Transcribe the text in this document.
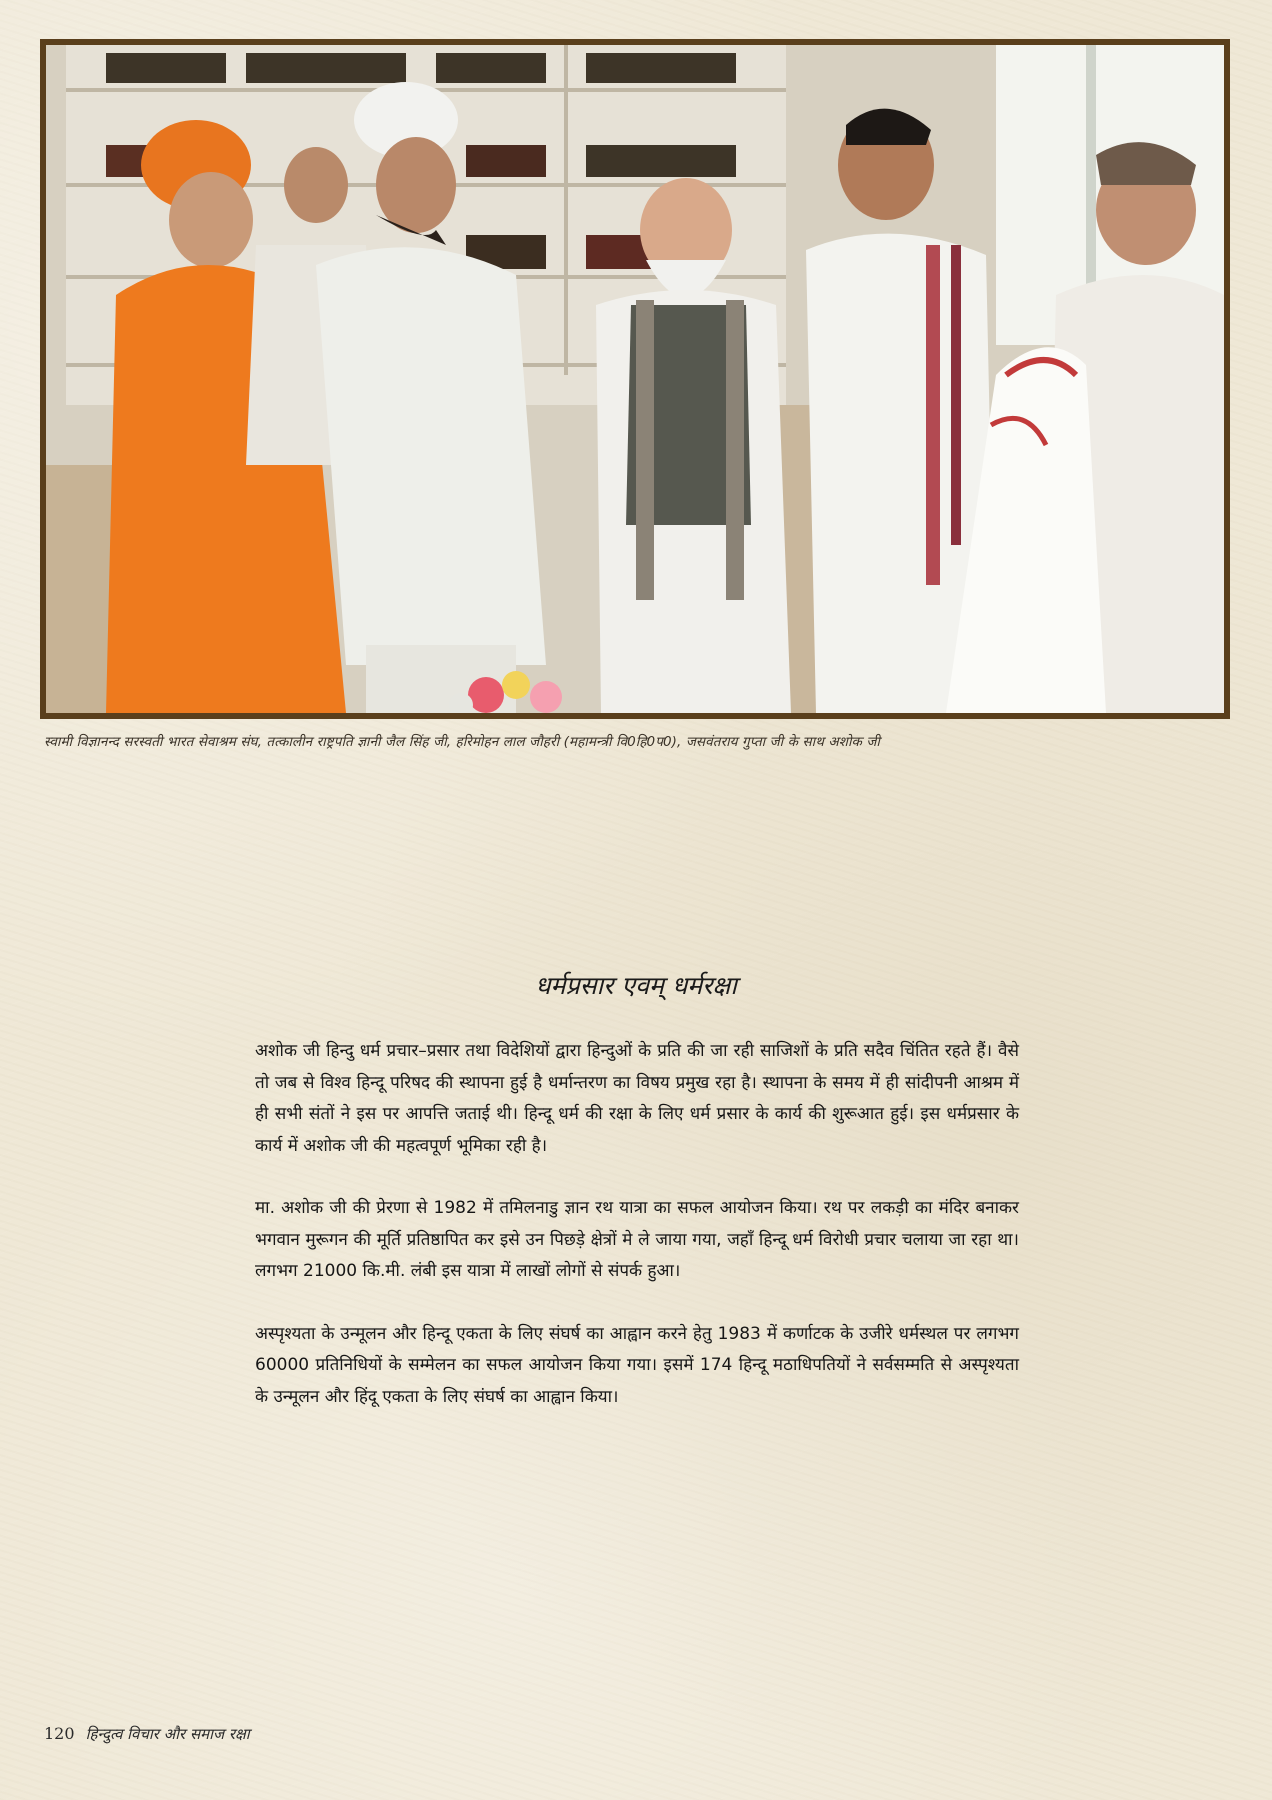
स्वामी विज्ञानन्द सरस्वती भारत सेवाश्रम संघ, तत्कालीन राष्ट्रपति ज्ञानी जैल सिंह जी, हरिमोहन लाल जौहरी (महामन्त्री वि0हि0प0), जसवंतराय गुप्ता जी के साथ अशोक जी
धर्मप्रसार एवम् धर्मरक्षा

अशोक जी हिन्दु धर्म प्रचार–प्रसार तथा विदेशियों द्वारा हिन्दुओं के प्रति की जा रही साजिशों के प्रति सदैव चिंतित रहते हैं। वैसे तो जब से विश्व हिन्दू परिषद की स्थापना हुई है धर्मान्तरण का विषय प्रमुख रहा है। स्थापना के समय में ही सांदीपनी आश्रम में ही सभी संतों ने इस पर आपत्ति जताई थी। हिन्दू धर्म की रक्षा के लिए धर्म प्रसार के कार्य की शुरूआत हुई। इस धर्मप्रसार के कार्य में अशोक जी की महत्वपूर्ण भूमिका रही है।

मा. अशोक जी की प्रेरणा से 1982 में तमिलनाडु ज्ञान रथ यात्रा का सफल आयोजन किया। रथ पर लकड़ी का मंदिर बनाकर भगवान मुरूगन की मूर्ति प्रतिष्ठापित कर इसे उन पिछड़े क्षेत्रों मे ले जाया गया, जहाँ हिन्दू धर्म विरोधी प्रचार चलाया जा रहा था। लगभग 21000 कि.मी. लंबी इस यात्रा में लाखों लोगों से संपर्क हुआ।

अस्पृश्यता के उन्मूलन और हिन्दू एकता के लिए संघर्ष का आह्वान करने हेतु 1983 में कर्णाटक के उजीरे धर्मस्थल पर लगभग 60000 प्रतिनिधियों के सम्मेलन का सफल आयोजन किया गया। इसमें 174 हिन्दू मठाधिपतियों ने सर्वसम्मति से अस्पृश्यता के उन्मूलन और हिंदू एकता के लिए संघर्ष का आह्वान किया।

120 हिन्दुत्व विचार और समाज रक्षा
